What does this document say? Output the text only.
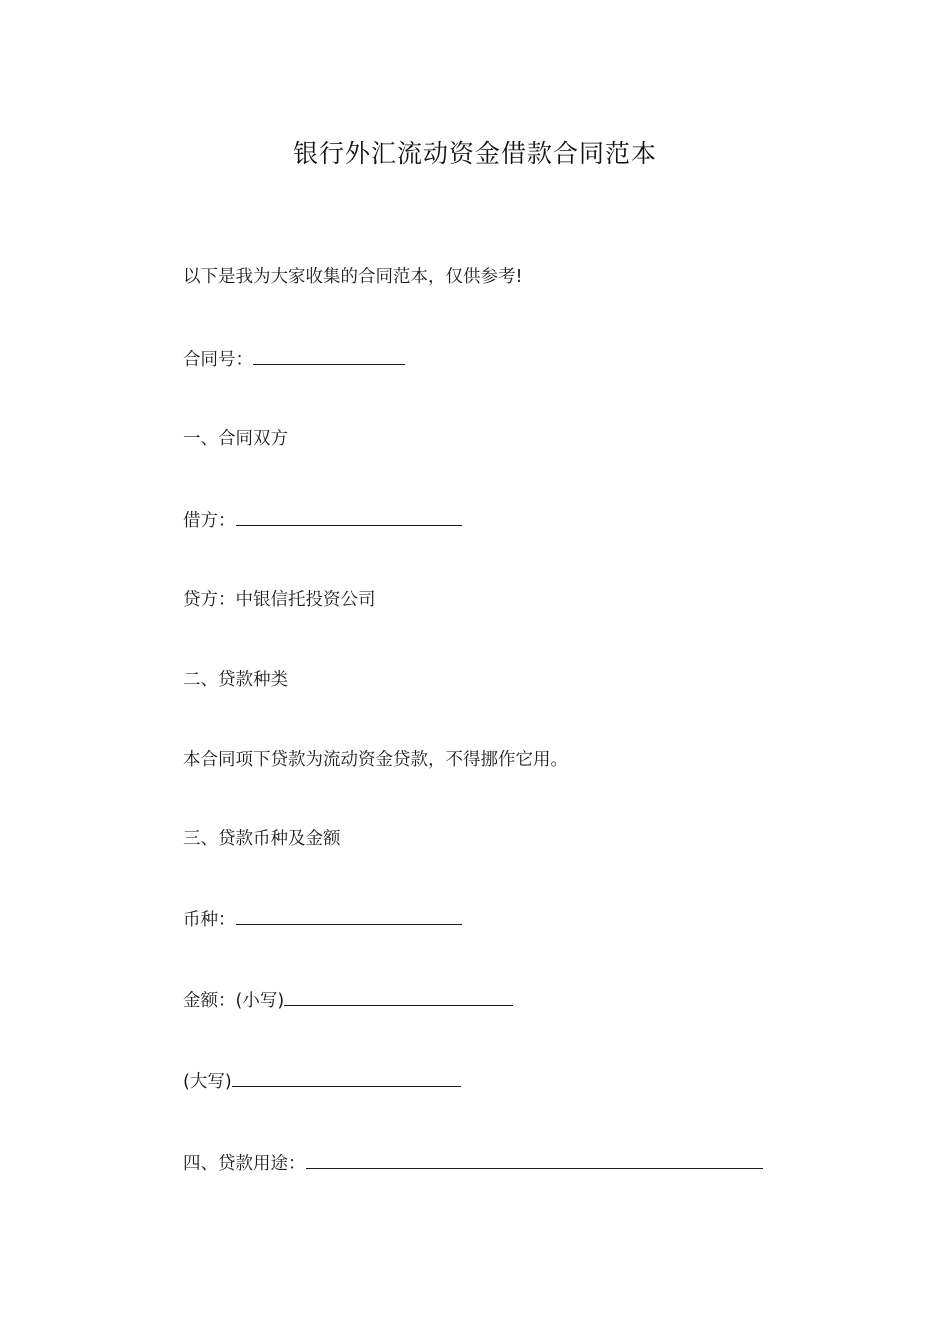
银行外汇流动资金借款合同范本
以下是我为大家收集的合同范本，仅供参考!
合同号：
一、合同双方
借方：
贷方：中银信托投资公司
二、贷款种类
本合同项下贷款为流动资金贷款，不得挪作它用。
三、贷款币种及金额
币种：
金额：(小写)
(大写)
四、贷款用途：
